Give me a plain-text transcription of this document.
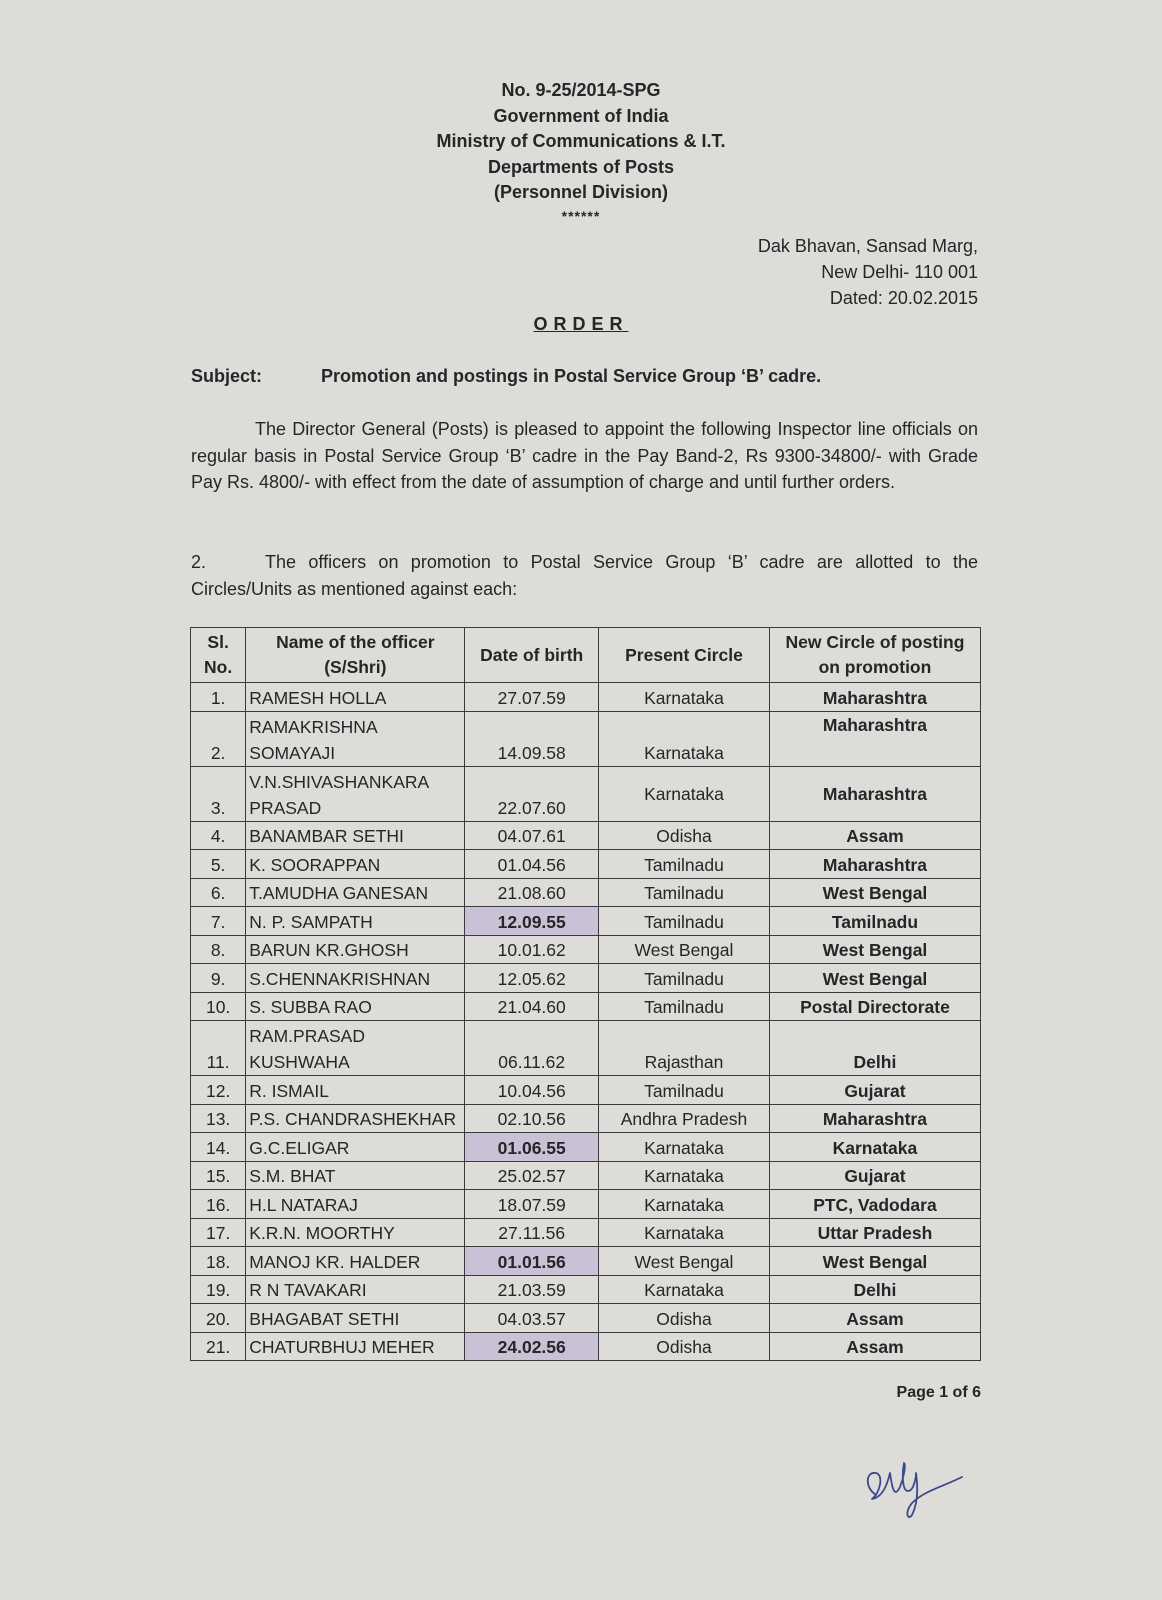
No. 9-25/2014-SPG
Government of India
Ministry of Communications & I.T.
Departments of Posts
(Personnel Division)
******
Dak Bhavan, Sansad Marg,
New Delhi- 110 001
Dated: 20.02.2015
ORDER
Subject:	Promotion and postings in Postal Service Group ‘B’ cadre.
The Director General (Posts) is pleased to appoint the following Inspector line officials on regular basis in Postal Service Group ‘B’ cadre in the Pay Band-2, Rs 9300-34800/- with Grade Pay Rs. 4800/- with effect from the date of assumption of charge and until further orders.
2.	The officers on promotion to Postal Service Group ‘B’ cadre are allotted to the Circles/Units as mentioned against each:
Sl. No.	Name of the officer (S/Shri)	Date of birth	Present Circle	New Circle of posting on promotion
1.	RAMESH HOLLA	27.07.59	Karnataka	Maharashtra
2.	RAMAKRISHNA SOMAYAJI	14.09.58	Karnataka	Maharashtra
3.	V.N.SHIVASHANKARA PRASAD	22.07.60	Karnataka	Maharashtra
4.	BANAMBAR SETHI	04.07.61	Odisha	Assam
5.	K. SOORAPPAN	01.04.56	Tamilnadu	Maharashtra
6.	T.AMUDHA GANESAN	21.08.60	Tamilnadu	West Bengal
7.	N. P. SAMPATH	12.09.55	Tamilnadu	Tamilnadu
8.	BARUN KR.GHOSH	10.01.62	West Bengal	West Bengal
9.	S.CHENNAKRISHNAN	12.05.62	Tamilnadu	West Bengal
10.	S. SUBBA RAO	21.04.60	Tamilnadu	Postal Directorate
11.	RAM.PRASAD KUSHWAHA	06.11.62	Rajasthan	Delhi
12.	R. ISMAIL	10.04.56	Tamilnadu	Gujarat
13.	P.S. CHANDRASHEKHAR	02.10.56	Andhra Pradesh	Maharashtra
14.	G.C.ELIGAR	01.06.55	Karnataka	Karnataka
15.	S.M. BHAT	25.02.57	Karnataka	Gujarat
16.	H.L NATARAJ	18.07.59	Karnataka	PTC, Vadodara
17.	K.R.N. MOORTHY	27.11.56	Karnataka	Uttar Pradesh
18.	MANOJ KR. HALDER	01.01.56	West Bengal	West Bengal
19.	R N TAVAKARI	21.03.59	Karnataka	Delhi
20.	BHAGABAT SETHI	04.03.57	Odisha	Assam
21.	CHATURBHUJ MEHER	24.02.56	Odisha	Assam
Page 1 of 6
